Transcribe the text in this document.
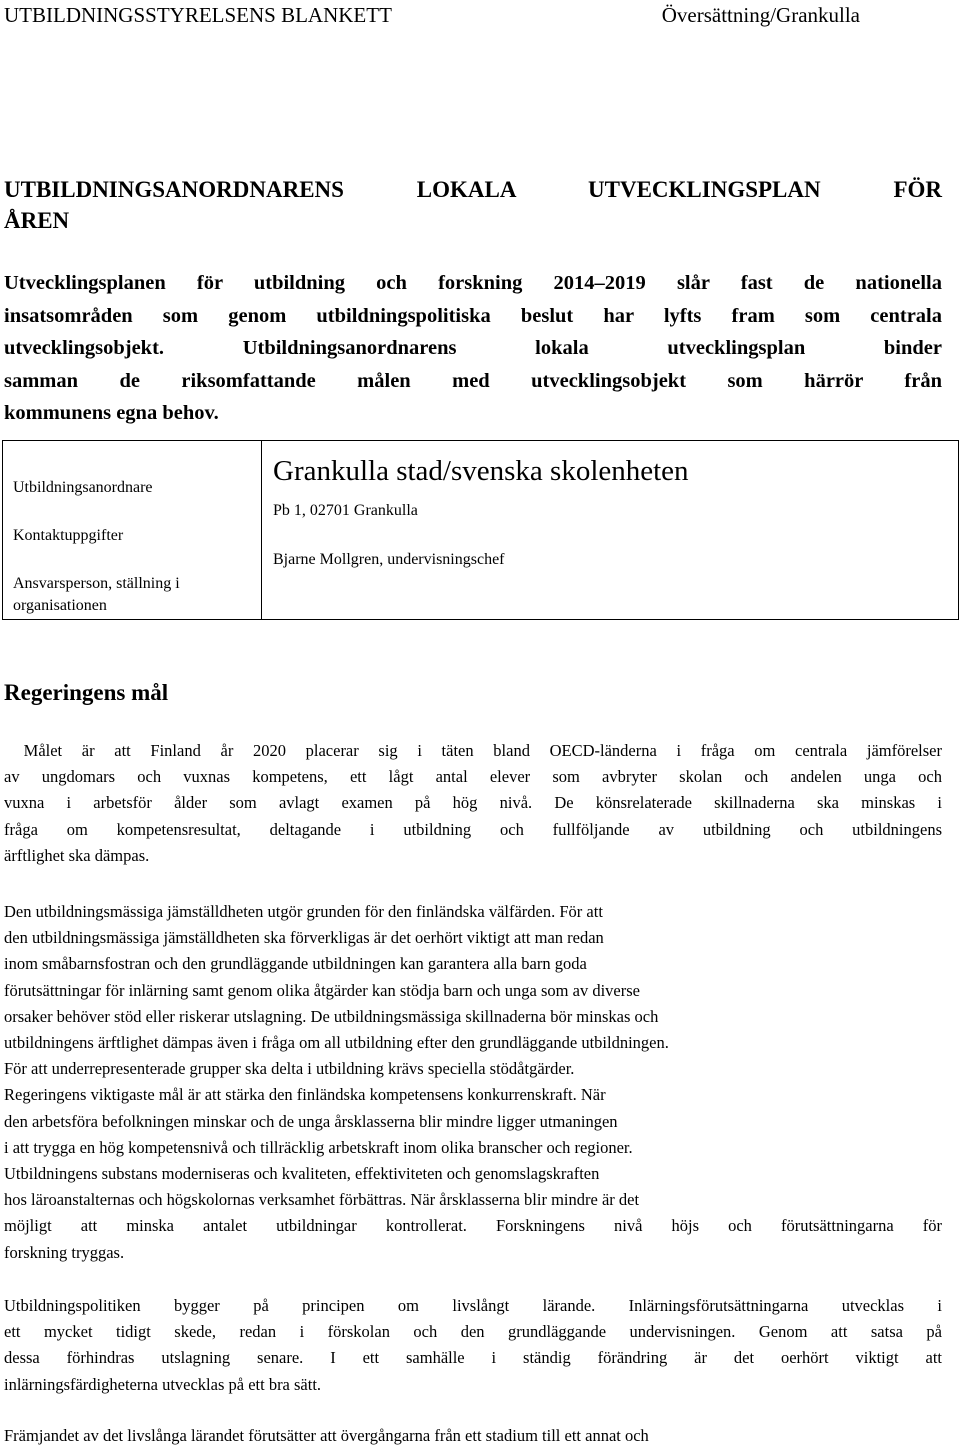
UTBILDNINGSSTYRELSENS BLANKETT	Översättning/Grankulla
UTBILDNINGSANORDNARENS LOKALA UTVECKLINGSPLAN FÖR
ÅREN
Utvecklingsplanen för utbildning och forskning 2014–2019 slår fast de nationella
insatsområden som genom utbildningspolitiska beslut har lyfts fram som centrala
utvecklingsobjekt. Utbildningsanordnarens lokala utvecklingsplan binder
samman de riksomfattande målen med utvecklingsobjekt som härrör från
kommunens egna behov.
Utbildningsanordnare
Kontaktuppgifter
Ansvarsperson, ställning i
organisationen
Grankulla stad/svenska skolenheten
Pb 1, 02701 Grankulla
Bjarne Mollgren, undervisningschef
Regeringens mål
Målet är att Finland år 2020 placerar sig i täten bland OECD-länderna i fråga om centrala jämförelser
av ungdomars och vuxnas kompetens, ett lågt antal elever som avbryter skolan och andelen unga och
vuxna i arbetsför ålder som avlagt examen på hög nivå. De könsrelaterade skillnaderna ska minskas i
fråga om kompetensresultat, deltagande i utbildning och fullföljande av utbildning och utbildningens
ärftlighet ska dämpas.
Den utbildningsmässiga jämställdheten utgör grunden för den finländska välfärden. För att
den utbildningsmässiga jämställdheten ska förverkligas är det oerhört viktigt att man redan
inom småbarnsfostran och den grundläggande utbildningen kan garantera alla barn goda
förutsättningar för inlärning samt genom olika åtgärder kan stödja barn och unga som av diverse
orsaker behöver stöd eller riskerar utslagning. De utbildningsmässiga skillnaderna bör minskas och
utbildningens ärftlighet dämpas även i fråga om all utbildning efter den grundläggande utbildningen.
För att underrepresenterade grupper ska delta i utbildning krävs speciella stödåtgärder.
Regeringens viktigaste mål är att stärka den finländska kompetensens konkurrenskraft. När
den arbetsföra befolkningen minskar och de unga årsklasserna blir mindre ligger utmaningen
i att trygga en hög kompetensnivå och tillräcklig arbetskraft inom olika branscher och regioner.
Utbildningens substans moderniseras och kvaliteten, effektiviteten och genomslagskraften
hos läroanstalternas och högskolornas verksamhet förbättras. När årsklasserna blir mindre är det
möjligt att minska antalet utbildningar kontrollerat. Forskningens nivå höjs och förutsättningarna för
forskning tryggas.
Utbildningspolitiken bygger på principen om livslångt lärande. Inlärningsförutsättningarna utvecklas i
ett mycket tidigt skede, redan i förskolan och den grundläggande undervisningen. Genom att satsa på
dessa förhindras utslagning senare. I ett samhälle i ständig förändring är det oerhört viktigt att
inlärningsfärdigheterna utvecklas på ett bra sätt.
Främjandet av det livslånga lärandet förutsätter att övergångarna från ett stadium till ett annat och
